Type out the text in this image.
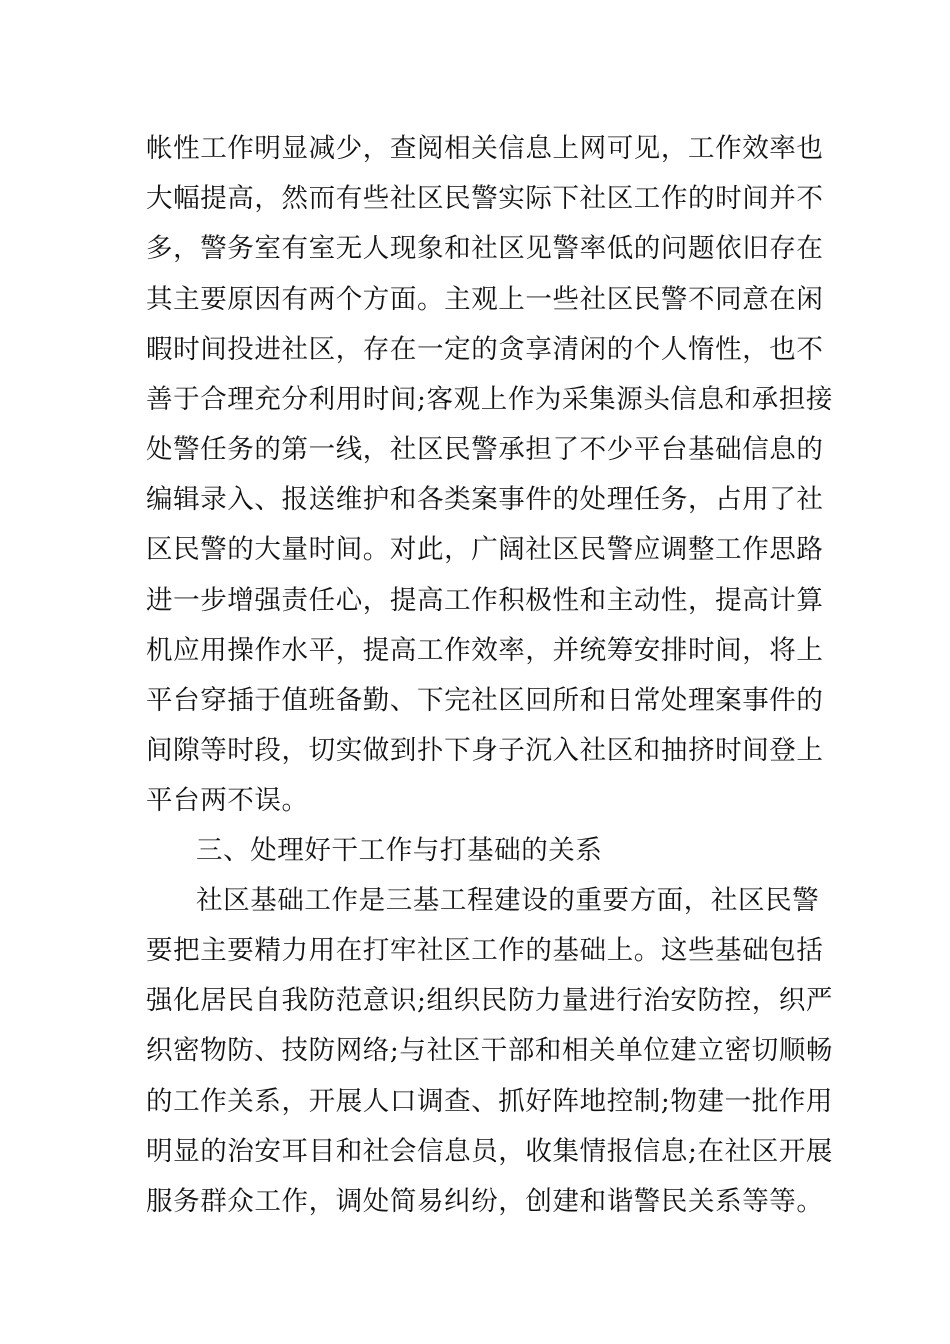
帐性工作明显减少，查阅相关信息上网可见，工作效率也
大幅提高，然而有些社区民警实际下社区工作的时间并不
多，警务室有室无人现象和社区见警率低的问题依旧存在
其主要原因有两个方面。主观上一些社区民警不同意在闲
暇时间投进社区，存在一定的贪享清闲的个人惰性，也不
善于合理充分利用时间;客观上作为采集源头信息和承担接
处警任务的第一线，社区民警承担了不少平台基础信息的
编辑录入、报送维护和各类案事件的处理任务，占用了社
区民警的大量时间。对此，广阔社区民警应调整工作思路
进一步增强责任心，提高工作积极性和主动性，提高计算
机应用操作水平，提高工作效率，并统筹安排时间，将上
平台穿插于值班备勤、下完社区回所和日常处理案事件的
间隙等时段，切实做到扑下身子沉入社区和抽挤时间登上
平台两不误。
三、处理好干工作与打基础的关系
社区基础工作是三基工程建设的重要方面，社区民警
要把主要精力用在打牢社区工作的基础上。这些基础包括
强化居民自我防范意识;组织民防力量进行治安防控，织严
织密物防、技防网络;与社区干部和相关单位建立密切顺畅
的工作关系，开展人口调查、抓好阵地控制;物建一批作用
明显的治安耳目和社会信息员，收集情报信息;在社区开展
服务群众工作，调处简易纠纷，创建和谐警民关系等等。
